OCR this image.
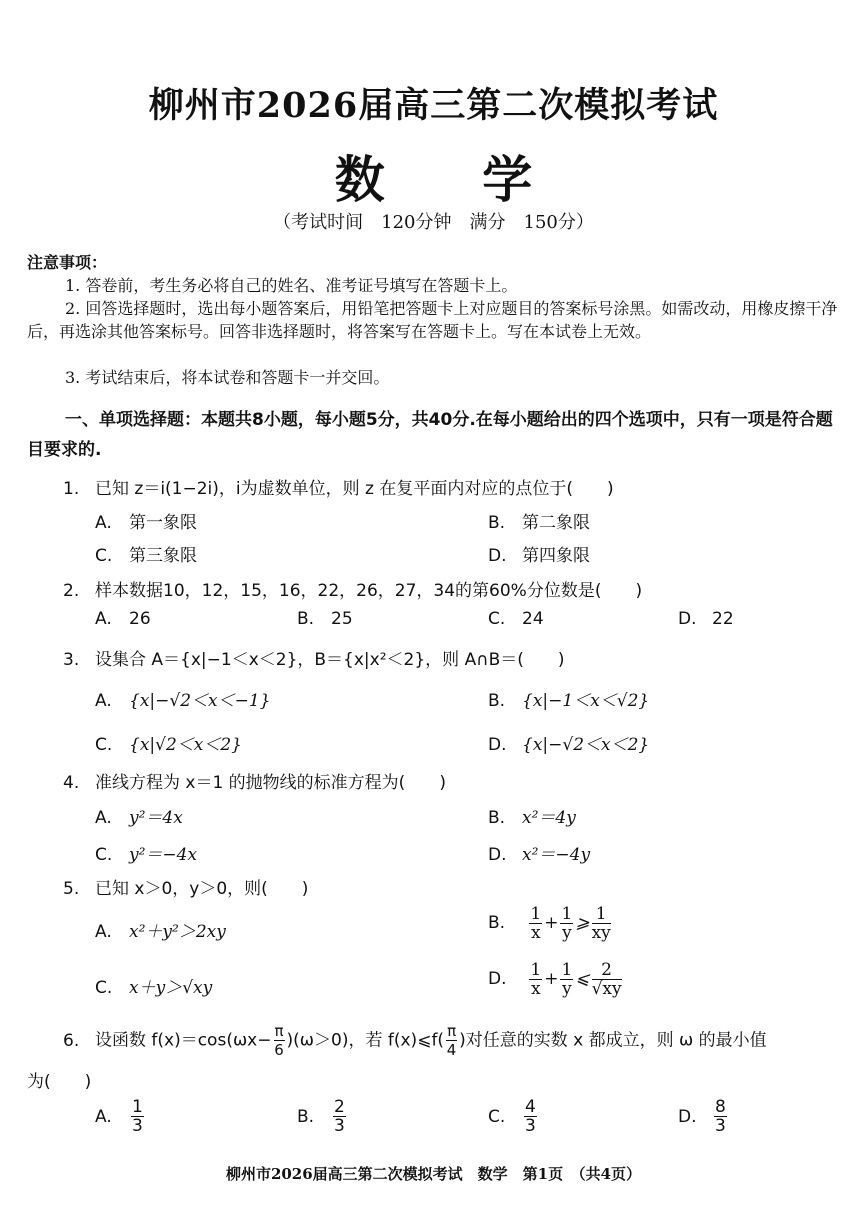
柳州市2026届高三第二次模拟考试
数 学
（考试时间　120分钟　满分　150分）
注意事项：
1. 答卷前，考生务必将自己的姓名、准考证号填写在答题卡上。
2. 回答选择题时，选出每小题答案后，用铅笔把答题卡上对应题目的答案标号涂黑。如需改动，用橡皮擦干净后，再选涂其他答案标号。回答非选择题时，将答案写在答题卡上。写在本试卷上无效。
3. 考试结束后，将本试卷和答题卡一并交回。
一、单项选择题：本题共8小题，每小题5分，共40分.在每小题给出的四个选项中，只有一项是符合题目要求的.
1. 已知 z＝i(1−2i)，i为虚数单位，则 z 在复平面内对应的点位于(　　)
A. 第一象限	B. 第二象限
C. 第三象限	D. 第四象限
2. 样本数据10，12，15，16，22，26，27，34的第60%分位数是(　　)
A. 26	B. 25	C. 24	D. 22
3. 设集合 A＝{x|−1＜x＜2}，B＝{x|x²＜2}，则 A∩B＝(　　)
A. {x|−√2＜x＜−1}	B. {x|−1＜x＜√2}
C. {x|√2＜x＜2}	D. {x|−√2＜x＜2}
4. 准线方程为 x＝1 的抛物线的标准方程为(　　)
A. y²＝4x	B. x²＝4y
C. y²＝−4x	D. x²＝−4y
5. 已知 x＞0，y＞0，则(　　)
A. x²＋y²＞2xy	B. $\frac{1}{x} + \frac{1}{y}$ ⩾ $\frac{1}{xy}$
C. x＋y＞√xy	D. $\frac{1}{x} + \frac{1}{y}$ ⩽ $\frac{2}{√xy}$
6. 设函数 $f(x)=\cos(\omega x- \frac{\pi}{6} )(\omega>0)$，若 f(x)⩽f( $\frac{\pi}{4}$ )对任意的实数 x 都成立，则 ω 的最小值
为(　　)
A. $\frac{1}{3}$	B. $\frac{2}{3}$	C. $\frac{4}{3}$	D. $\frac{8}{3}$
柳州市2026届高三第二次模拟考试　数学　第1页　（共4页）
